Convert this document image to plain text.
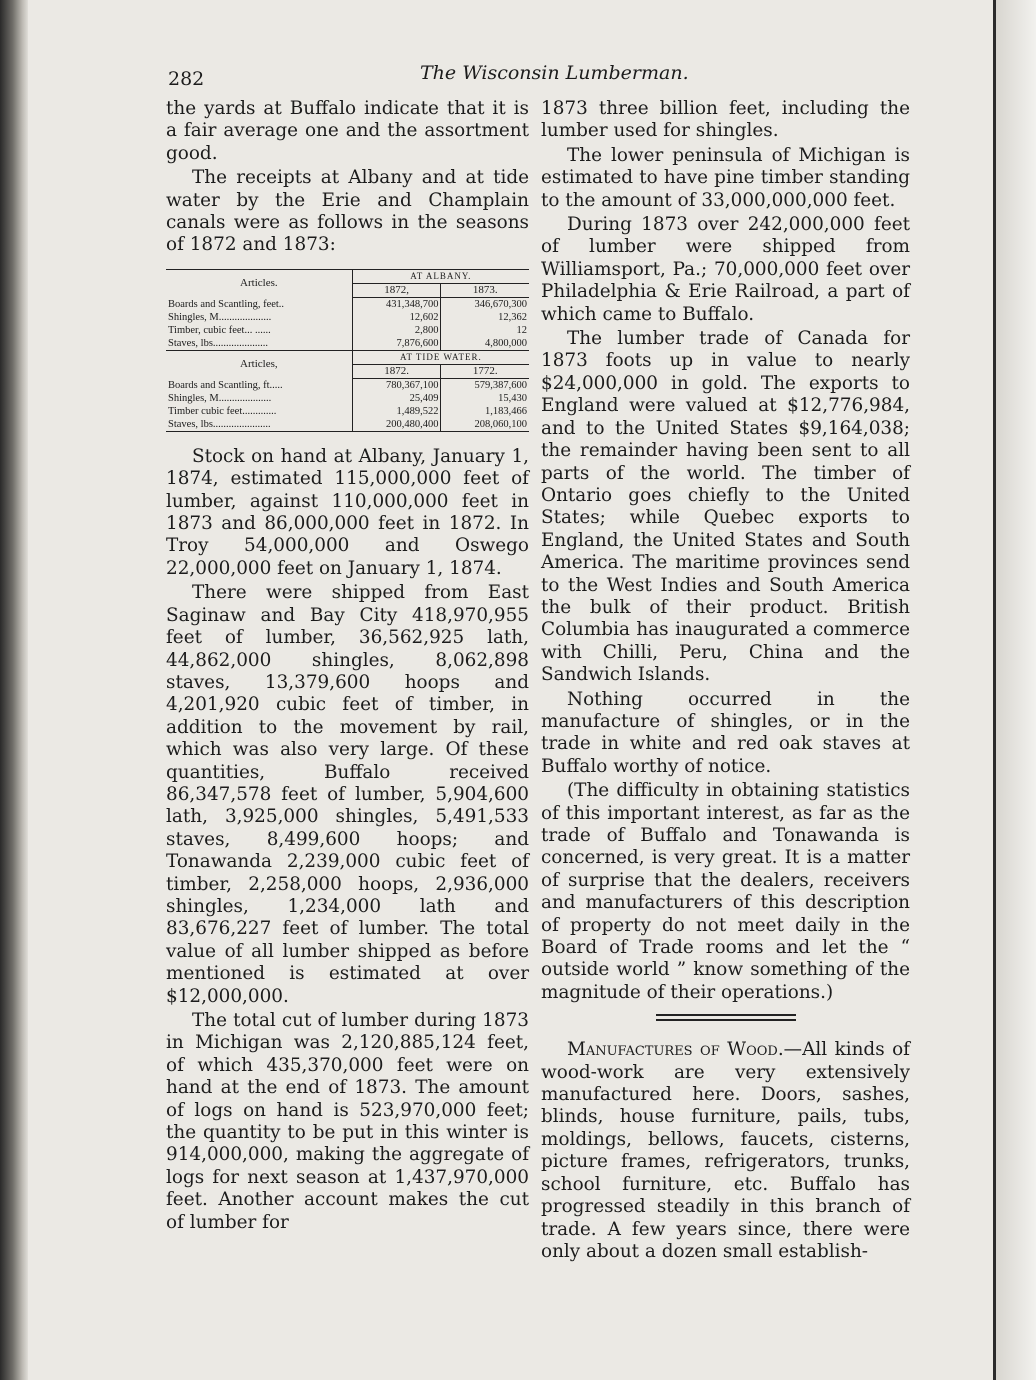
282	The Wisconsin Lumberman.

the yards at Buffalo indicate that it is a fair average one and the assortment good.

The receipts at Albany and at tide water by the Erie and Champlain canals were as follows in the seasons of 1872 and 1873:

Articles.	AT ALBANY.	
	1872,	1873.
Boards and Scantling, feet..	431,348,700	346,670,300
Shingles, M....................	12,602	12,362
Timber, cubic feet... ......	2,800	12
Staves, lbs.....................	7,876,600	4,800,000
Articles,	AT TIDE WATER.	
	1872.	1772.
Boards and Scantling, ft.....	780,367,100	579,387,600
Shingles, M....................	25,409	15,430
Timber cubic feet.............	1,489,522	1,183,466
Staves, lbs......................	200,480,400	208,060,100

Stock on hand at Albany, January 1, 1874, estimated 115,000,000 feet of lumber, against 110,000,000 feet in 1873 and 86,000,000 feet in 1872. In Troy 54,000,000 and Oswego 22,000,000 feet on January 1, 1874.

There were shipped from East Saginaw and Bay City 418,970,955 feet of lumber, 36,562,925 lath, 44,862,000 shingles, 8,062,898 staves, 13,379,600 hoops and 4,201,920 cubic feet of timber, in addition to the movement by rail, which was also very large. Of these quantities, Buffalo received 86,347,578 feet of lumber, 5,904,600 lath, 3,925,000 shingles, 5,491,533 staves, 8,499,600 hoops; and Tonawanda 2,239,000 cubic feet of timber, 2,258,000 hoops, 2,936,000 shingles, 1,234,000 lath and 83,676,227 feet of lumber. The total value of all lumber shipped as before mentioned is estimated at over $12,000,000.

The total cut of lumber during 1873 in Michigan was 2,120,885,124 feet, of which 435,370,000 feet were on hand at the end of 1873. The amount of logs on hand is 523,970,000 feet; the quantity to be put in this winter is 914,000,000, making the aggregate of logs for next season at 1,437,970,000 feet. Another account makes the cut of lumber for

1873 three billion feet, including the lumber used for shingles.

The lower peninsula of Michigan is estimated to have pine timber standing to the amount of 33,000,000,000 feet.

During 1873 over 242,000,000 feet of lumber were shipped from Williamsport, Pa.; 70,000,000 feet over Philadelphia & Erie Railroad, a part of which came to Buffalo.

The lumber trade of Canada for 1873 foots up in value to nearly $24,000,000 in gold. The exports to England were valued at $12,776,984, and to the United States $9,164,038; the remainder having been sent to all parts of the world. The timber of Ontario goes chiefly to the United States; while Quebec exports to England, the United States and South America. The maritime provinces send to the West Indies and South America the bulk of their product. British Columbia has inaugurated a commerce with Chilli, Peru, China and the Sandwich Islands.

Nothing occurred in the manufacture of shingles, or in the trade in white and red oak staves at Buffalo worthy of notice.

(The difficulty in obtaining statistics of this important interest, as far as the trade of Buffalo and Tonawanda is concerned, is very great. It is a matter of surprise that the dealers, receivers and manufacturers of this description of property do not meet daily in the Board of Trade rooms and let the “ outside world ” know something of the magnitude of their operations.)

Manufactures of Wood.—All kinds of wood-work are very extensively manufactured here. Doors, sashes, blinds, house furniture, pails, tubs, moldings, bellows, faucets, cisterns, picture frames, refrigerators, trunks, school furniture, etc. Buffalo has progressed steadily in this branch of trade. A few years since, there were only about a dozen small establish-
